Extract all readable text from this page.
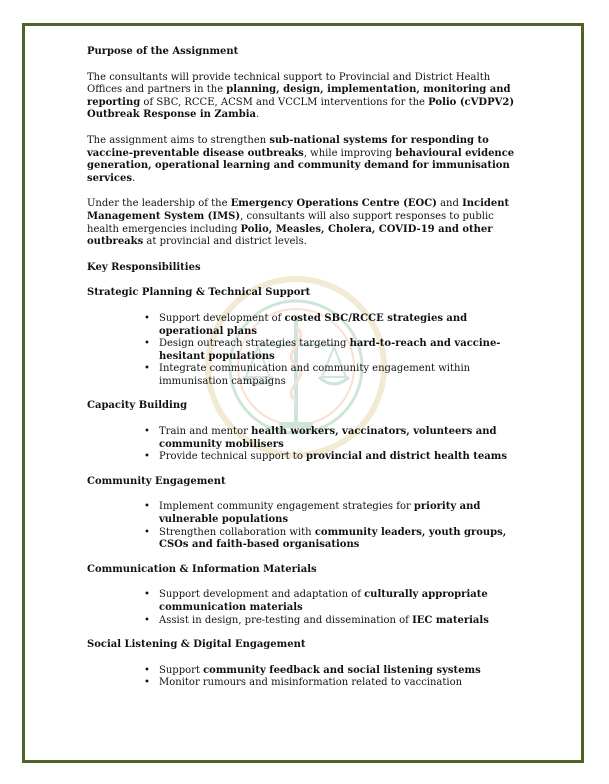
Purpose of the Assignment

The consultants will provide technical support to Provincial and District Health Offices and partners in the planning, design, implementation, monitoring and reporting of SBC, RCCE, ACSM and VCCLM interventions for the Polio (cVDPV2) Outbreak Response in Zambia.

The assignment aims to strengthen sub-national systems for responding to vaccine-preventable disease outbreaks, while improving behavioural evidence generation, operational learning and community demand for immunisation services.

Under the leadership of the Emergency Operations Centre (EOC) and Incident Management System (IMS), consultants will also support responses to public health emergencies including Polio, Measles, Cholera, COVID-19 and other outbreaks at provincial and district levels.

Key Responsibilities

Strategic Planning & Technical Support

• Support development of costed SBC/RCCE strategies and operational plans
• Design outreach strategies targeting hard-to-reach and vaccine-hesitant populations
• Integrate communication and community engagement within immunisation campaigns

Capacity Building

• Train and mentor health workers, vaccinators, volunteers and community mobilisers
• Provide technical support to provincial and district health teams

Community Engagement

• Implement community engagement strategies for priority and vulnerable populations
• Strengthen collaboration with community leaders, youth groups, CSOs and faith-based organisations

Communication & Information Materials

• Support development and adaptation of culturally appropriate communication materials
• Assist in design, pre-testing and dissemination of IEC materials

Social Listening & Digital Engagement

• Support community feedback and social listening systems
• Monitor rumours and misinformation related to vaccination
